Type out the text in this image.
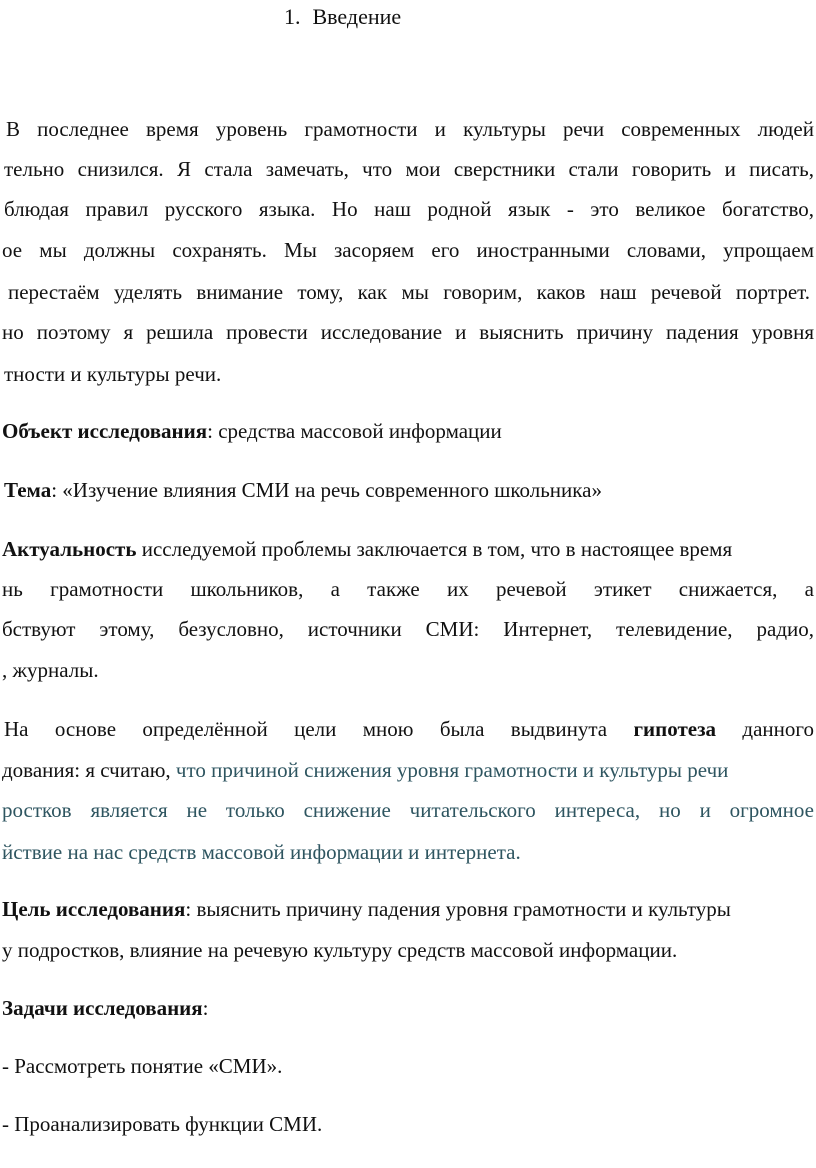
1. Введение
В последнее время уровень грамотности и культуры речи современных людей
тельно снизился. Я стала замечать, что мои сверстники стали говорить и писать,
блюдая правил русского языка. Но наш родной язык - это великое богатство,
ое мы должны сохранять. Мы засоряем его иностранными словами, упрощаем
перестаём уделять внимание тому, как мы говорим, каков наш речевой портрет.
но поэтому я решила провести исследование и выяснить причину падения уровня
тности и культуры речи.
Объект исследования: средства массовой информации
Тема: «Изучение влияния СМИ на речь современного школьника»
Актуальность исследуемой проблемы заключается в том, что в настоящее время
нь грамотности школьников, а также их речевой этикет снижается, а
бствуют этому, безусловно, источники СМИ: Интернет, телевидение, радио,
, журналы.
На основе определённой цели мною была выдвинута гипотеза данного
дования: я считаю, что причиной снижения уровня грамотности и культуры речи
ростков является не только снижение читательского интереса, но и огромное
йствие на нас средств массовой информации и интернета.
Цель исследования: выяснить причину падения уровня грамотности и культуры
у подростков, влияние на речевую культуру средств массовой информации.
Задачи исследования:
- Рассмотреть понятие «СМИ».
- Проанализировать функции СМИ.
